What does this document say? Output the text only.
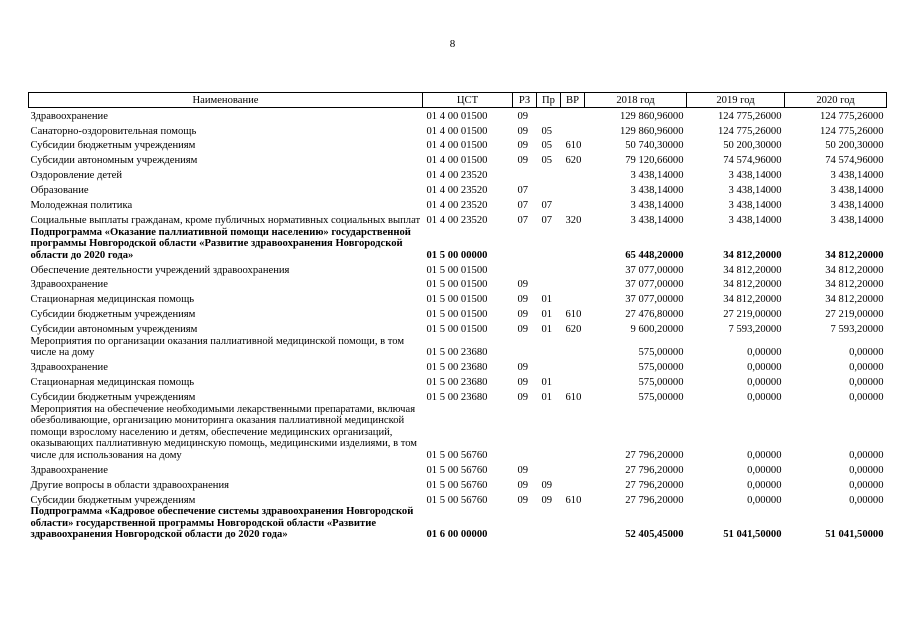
8
Наименование	ЦСТ	РЗ	Пр	ВР	2018 год	2019 год	2020 год
Здравоохранение	01 4 00 01500	09			129 860,96000	124 775,26000	124 775,26000
Санаторно-оздоровительная помощь	01 4 00 01500	09	05		129 860,96000	124 775,26000	124 775,26000
Субсидии бюджетным учреждениям	01 4 00 01500	09	05	610	50 740,30000	50 200,30000	50 200,30000
Субсидии автономным учреждениям	01 4 00 01500	09	05	620	79 120,66000	74 574,96000	74 574,96000
Оздоровление детей	01 4 00 23520				3 438,14000	3 438,14000	3 438,14000
Образование	01 4 00 23520	07			3 438,14000	3 438,14000	3 438,14000
Молодежная политика	01 4 00 23520	07	07		3 438,14000	3 438,14000	3 438,14000
Социальные выплаты гражданам, кроме публичных нормативных социальных выплат	01 4 00 23520	07	07	320	3 438,14000	3 438,14000	3 438,14000
Подпрограмма «Оказание паллиативной помощи населению» государственной программы Новгородской области «Развитие здравоохранения Новгородской области до 2020 года»	01 5 00 00000				65 448,20000	34 812,20000	34 812,20000
Обеспечение деятельности учреждений здравоохранения	01 5 00 01500				37 077,00000	34 812,20000	34 812,20000
Здравоохранение	01 5 00 01500	09			37 077,00000	34 812,20000	34 812,20000
Стационарная медицинская помощь	01 5 00 01500	09	01		37 077,00000	34 812,20000	34 812,20000
Субсидии бюджетным учреждениям	01 5 00 01500	09	01	610	27 476,80000	27 219,00000	27 219,00000
Субсидии автономным учреждениям	01 5 00 01500	09	01	620	9 600,20000	7 593,20000	7 593,20000
Мероприятия по организации оказания паллиативной медицинской помощи, в том числе на дому	01 5 00 23680				575,00000	0,00000	0,00000
Здравоохранение	01 5 00 23680	09			575,00000	0,00000	0,00000
Стационарная медицинская помощь	01 5 00 23680	09	01		575,00000	0,00000	0,00000
Субсидии бюджетным учреждениям	01 5 00 23680	09	01	610	575,00000	0,00000	0,00000
Мероприятия на обеспечение необходимыми лекарственными препаратами, включая обезболивающие, организацию мониторинга оказания паллиативной медицинской помощи взрослому населению и детям, обеспечение медицинских организаций, оказывающих паллиативную медицинскую помощь, медицинскими изделиями, в том числе для использования на дому	01 5 00 56760				27 796,20000	0,00000	0,00000
Здравоохранение	01 5 00 56760	09			27 796,20000	0,00000	0,00000
Другие вопросы в области здравоохранения	01 5 00 56760	09	09		27 796,20000	0,00000	0,00000
Субсидии бюджетным учреждениям	01 5 00 56760	09	09	610	27 796,20000	0,00000	0,00000
Подпрограмма «Кадровое обеспечение системы здравоохранения Новгородской области» государственной программы Новгородской области «Развитие здравоохранения Новгородской области до 2020 года»	01 6 00 00000				52 405,45000	51 041,50000	51 041,50000
